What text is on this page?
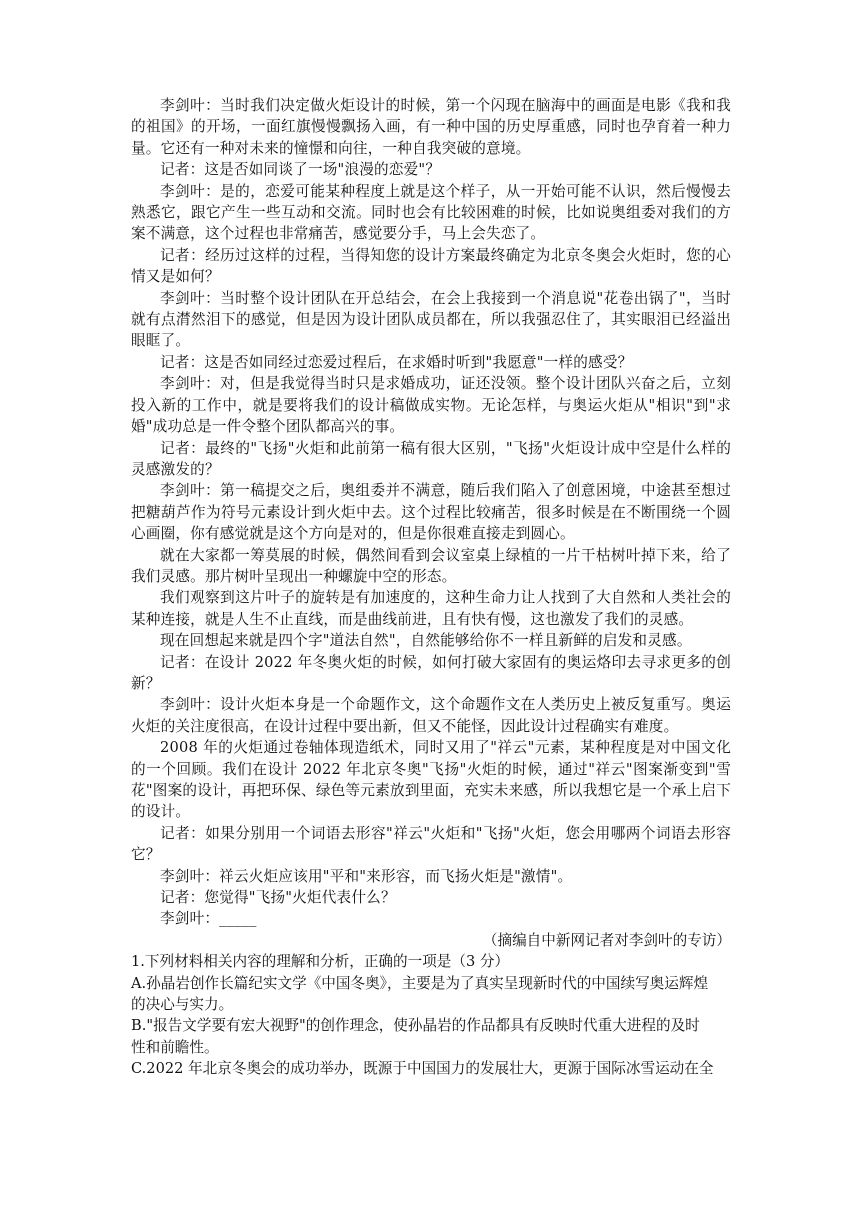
李剑叶：当时我们决定做火炬设计的时候，第一个闪现在脑海中的画面是电影《我和我的祖国》的开场，一面红旗慢慢飘扬入画，有一种中国的历史厚重感，同时也孕育着一种力量。它还有一种对未来的憧憬和向往，一种自我突破的意境。

记者：这是否如同谈了一场"浪漫的恋爱"？

李剑叶：是的，恋爱可能某种程度上就是这个样子，从一开始可能不认识，然后慢慢去熟悉它，跟它产生一些互动和交流。同时也会有比较困难的时候，比如说奥组委对我们的方案不满意，这个过程也非常痛苦，感觉要分手，马上会失恋了。

记者：经历过这样的过程，当得知您的设计方案最终确定为北京冬奥会火炬时，您的心情又是如何？

李剑叶：当时整个设计团队在开总结会，在会上我接到一个消息说"花卷出锅了"，当时就有点潸然泪下的感觉，但是因为设计团队成员都在，所以我强忍住了，其实眼泪已经溢出眼眶了。

记者：这是否如同经过恋爱过程后，在求婚时听到"我愿意"一样的感受？

李剑叶：对，但是我觉得当时只是求婚成功，证还没领。整个设计团队兴奋之后，立刻投入新的工作中，就是要将我们的设计稿做成实物。无论怎样，与奥运火炬从"相识"到"求婚"成功总是一件令整个团队都高兴的事。

记者：最终的"飞扬"火炬和此前第一稿有很大区别，"飞扬"火炬设计成中空是什么样的灵感激发的？

李剑叶：第一稿提交之后，奥组委并不满意，随后我们陷入了创意困境，中途甚至想过把糖葫芦作为符号元素设计到火炬中去。这个过程比较痛苦，很多时候是在不断围绕一个圆心画圈，你有感觉就是这个方向是对的，但是你很难直接走到圆心。

就在大家都一筹莫展的时候，偶然间看到会议室桌上绿植的一片干枯树叶掉下来，给了我们灵感。那片树叶呈现出一种螺旋中空的形态。

我们观察到这片叶子的旋转是有加速度的，这种生命力让人找到了大自然和人类社会的某种连接，就是人生不止直线，而是曲线前进，且有快有慢，这也激发了我们的灵感。

现在回想起来就是四个字"道法自然"，自然能够给你不一样且新鲜的启发和灵感。

记者：在设计 2022 年冬奥火炬的时候，如何打破大家固有的奥运烙印去寻求更多的创新？

李剑叶：设计火炬本身是一个命题作文，这个命题作文在人类历史上被反复重写。奥运火炬的关注度很高，在设计过程中要出新，但又不能怪，因此设计过程确实有难度。

2008 年的火炬通过卷轴体现造纸术，同时又用了"祥云"元素，某种程度是对中国文化的一个回顾。我们在设计 2022 年北京冬奥"飞扬"火炬的时候，通过"祥云"图案渐变到"雪花"图案的设计，再把环保、绿色等元素放到里面，充实未来感，所以我想它是一个承上启下的设计。

记者：如果分别用一个词语去形容"祥云"火炬和"飞扬"火炬，您会用哪两个词语去形容它？

李剑叶：祥云火炬应该用"平和"来形容，而飞扬火炬是"激情"。

记者：您觉得"飞扬"火炬代表什么？

李剑叶：_____

（摘编自中新网记者对李剑叶的专访）

1.下列材料相关内容的理解和分析，正确的一项是（3 分）

A.孙晶岩创作长篇纪实文学《中国冬奥》，主要是为了真实呈现新时代的中国续写奥运辉煌

的决心与实力。

B."报告文学要有宏大视野"的创作理念，使孙晶岩的作品都具有反映时代重大进程的及时

性和前瞻性。

C.2022 年北京冬奥会的成功举办，既源于中国国力的发展壮大，更源于国际冰雪运动在全
